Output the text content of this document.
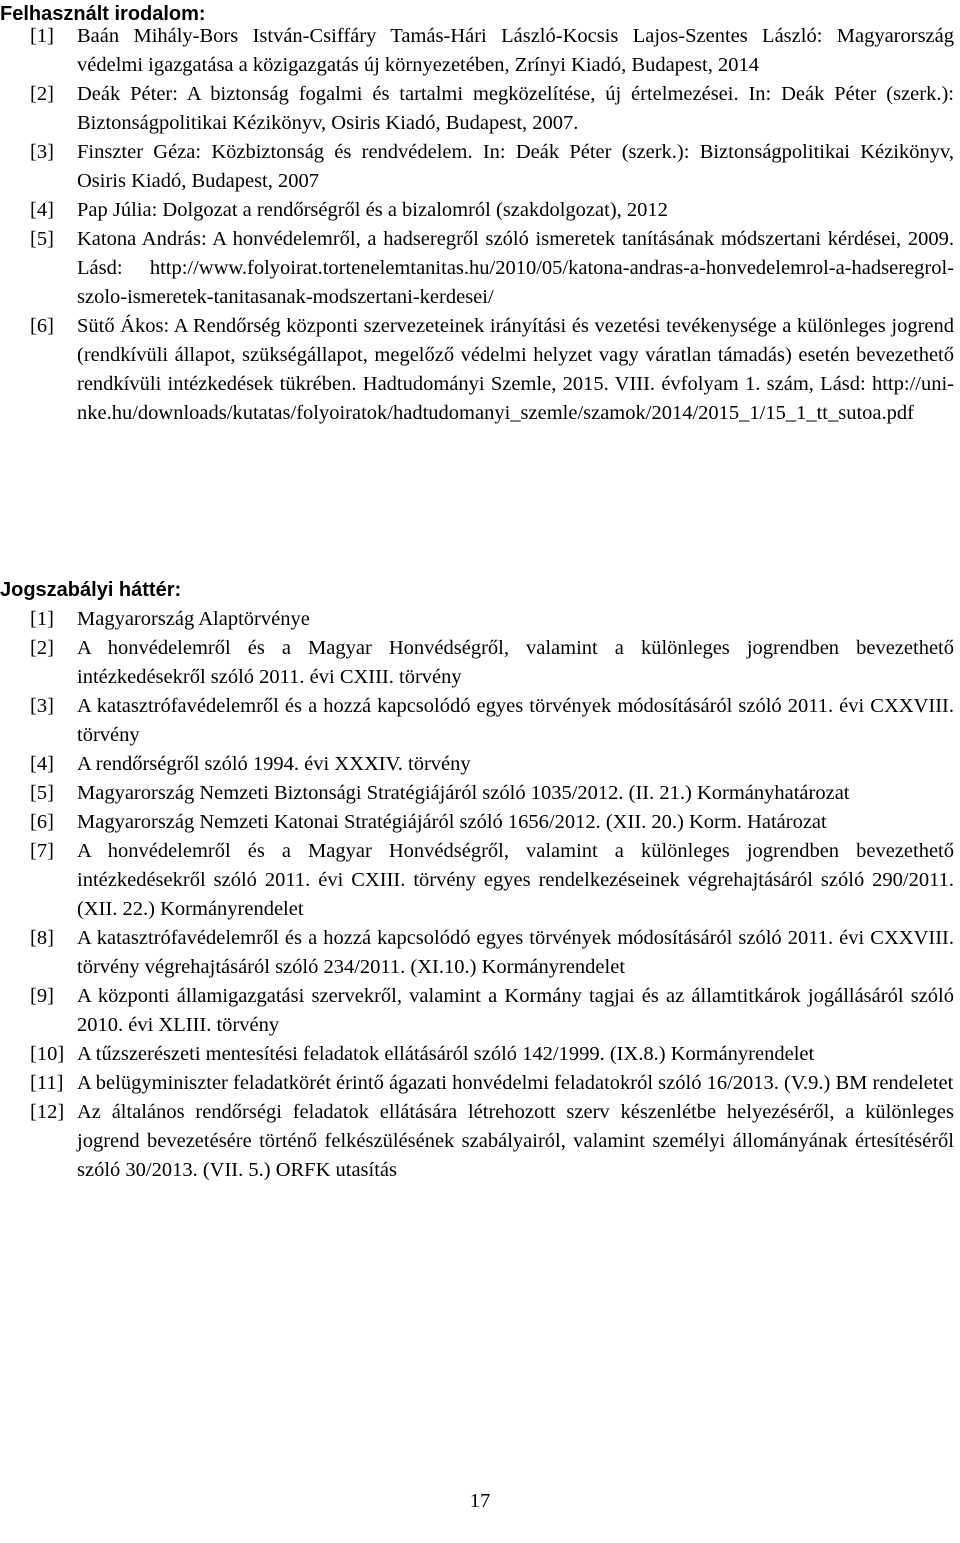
Felhasznált irodalom:
[1]	Baán Mihály-Bors István-Csiffáry Tamás-Hári László-Kocsis Lajos-Szentes László: Magyarország védelmi igazgatása a közigazgatás új környezetében, Zrínyi Kiadó, Budapest, 2014
[2]	Deák Péter: A biztonság fogalmi és tartalmi megközelítése, új értelmezései. In: Deák Péter (szerk.): Biztonságpolitikai Kézikönyv, Osiris Kiadó, Budapest, 2007.
[3]	Finszter Géza: Közbiztonság és rendvédelem. In: Deák Péter (szerk.): Biztonságpolitikai Kézikönyv, Osiris Kiadó, Budapest, 2007
[4]	Pap Júlia: Dolgozat a rendőrségről és a bizalomról (szakdolgozat), 2012
[5]	Katona András: A honvédelemről, a hadseregről szóló ismeretek tanításának módszertani kérdései, 2009. Lásd: http://www.folyoirat.tortenelemtanitas.hu/2010/05/katona-andras-a-honvedelemrol-a-hadseregrol-szolo-ismeretek-tanitasanak-modszertani-kerdesei/
[6]	Sütő Ákos: A Rendőrség központi szervezeteinek irányítási és vezetési tevékenysége a különleges jogrend (rendkívüli állapot, szükségállapot, megelőző védelmi helyzet vagy váratlan támadás) esetén bevezethető rendkívüli intézkedések tükrében. Hadtudományi Szemle, 2015. VIII. évfolyam 1. szám, Lásd: http://uni-nke.hu/downloads/kutatas/folyoiratok/hadtudomanyi_szemle/szamok/2014/2015_1/15_1_tt_sutoa.pdf
Jogszabályi háttér:
[1]	Magyarország Alaptörvénye
[2]	A honvédelemről és a Magyar Honvédségről, valamint a különleges jogrendben bevezethető intézkedésekről szóló 2011. évi CXIII. törvény
[3]	A katasztrófavédelemről és a hozzá kapcsolódó egyes törvények módosításáról szóló 2011. évi CXXVIII. törvény
[4]	A rendőrségről szóló 1994. évi XXXIV. törvény
[5]	Magyarország Nemzeti Biztonsági Stratégiájáról szóló 1035/2012. (II. 21.) Kormányhatározat
[6]	Magyarország Nemzeti Katonai Stratégiájáról szóló 1656/2012. (XII. 20.) Korm. Határozat
[7]	A honvédelemről és a Magyar Honvédségről, valamint a különleges jogrendben bevezethető intézkedésekről szóló 2011. évi CXIII. törvény egyes rendelkezéseinek végrehajtásáról szóló 290/2011. (XII. 22.) Kormányrendelet
[8]	A katasztrófavédelemről és a hozzá kapcsolódó egyes törvények módosításáról szóló 2011. évi CXXVIII. törvény végrehajtásáról szóló 234/2011. (XI.10.) Kormányrendelet
[9]	A központi államigazgatási szervekről, valamint a Kormány tagjai és az államtitkárok jogállásáról szóló 2010. évi XLIII. törvény
[10] A tűzszerészeti mentesítési feladatok ellátásáról szóló 142/1999. (IX.8.) Kormányrendelet
[11] A belügyminiszter feladatkörét érintő ágazati honvédelmi feladatokról szóló 16/2013. (V.9.) BM rendeletet
[12] Az általános rendőrségi feladatok ellátására létrehozott szerv készenlétbe helyezéséről, a különleges jogrend bevezetésére történő felkészülésének szabályairól, valamint személyi állományának értesítéséről szóló 30/2013. (VII. 5.) ORFK utasítás
17
